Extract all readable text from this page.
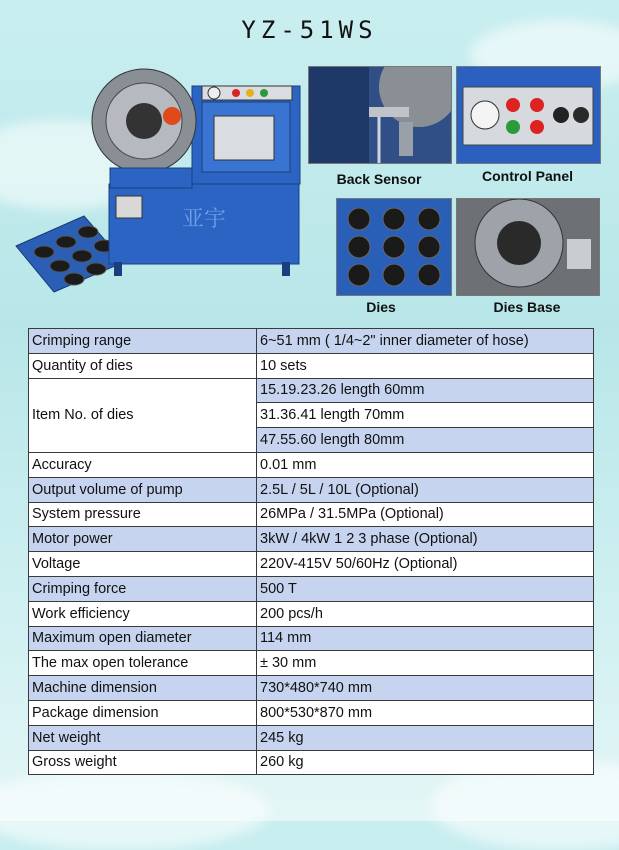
YZ-51WS
亚宇
Back Sensor	Control Panel
Dies	Dies Base
Crimping range	6~51 mm ( 1/4~2" inner diameter of hose)
Quantity of dies	10 sets
Item No. of dies	15.19.23.26 length 60mm
	31.36.41 length 70mm
	47.55.60 length 80mm
Accuracy	0.01 mm
Output volume of pump	2.5L / 5L / 10L (Optional)
System pressure	26MPa / 31.5MPa (Optional)
Motor power	3kW / 4kW 1 2 3 phase (Optional)
Voltage	220V-415V 50/60Hz (Optional)
Crimping force	500 T
Work efficiency	200 pcs/h
Maximum open diameter	114 mm
The max open tolerance	± 30 mm
Machine dimension	730*480*740 mm
Package dimension	800*530*870 mm
Net weight	245 kg
Gross weight	260 kg
